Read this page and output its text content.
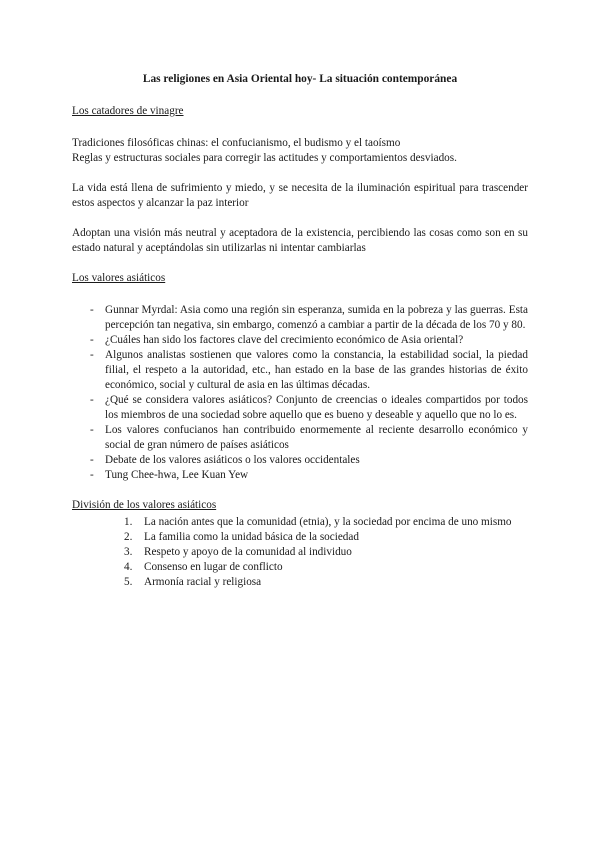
Las religiones en Asia Oriental hoy- La situación contemporánea
Los catadores de vinagre

Tradiciones filosóficas chinas: el confucianismo, el budismo y el taoísmo

Reglas y estructuras sociales para corregir las actitudes y comportamientos desviados.

La vida está llena de sufrimiento y miedo, y se necesita de la iluminación espiritual para trascender estos aspectos y alcanzar la paz interior

Adoptan una visión más neutral y aceptadora de la existencia, percibiendo las cosas como son en su estado natural y aceptándolas sin utilizarlas ni intentar cambiarlas

Los valores asiáticos
- Gunnar Myrdal: Asia como una región sin esperanza, sumida en la pobreza y las guerras. Esta percepción tan negativa, sin embargo, comenzó a cambiar a partir de la década de los 70 y 80.
- ¿Cuáles han sido los factores clave del crecimiento económico de Asia oriental?
- Algunos analistas sostienen que valores como la constancia, la estabilidad social, la piedad filial, el respeto a la autoridad, etc., han estado en la base de las grandes historias de éxito económico, social y cultural de asia en las últimas décadas.
- ¿Qué se considera valores asiáticos? Conjunto de creencias o ideales compartidos por todos los miembros de una sociedad sobre aquello que es bueno y deseable y aquello que no lo es.
- Los valores confucianos han contribuido enormemente al reciente desarrollo económico y social de gran número de países asiáticos
- Debate de los valores asiáticos o los valores occidentales
- Tung Chee-hwa, Lee Kuan Yew
División de los valores asiáticos
1. La nación antes que la comunidad (etnia), y la sociedad por encima de uno mismo
2. La familia como la unidad básica de la sociedad
3. Respeto y apoyo de la comunidad al individuo
4. Consenso en lugar de conflicto
5. Armonía racial y religiosa
